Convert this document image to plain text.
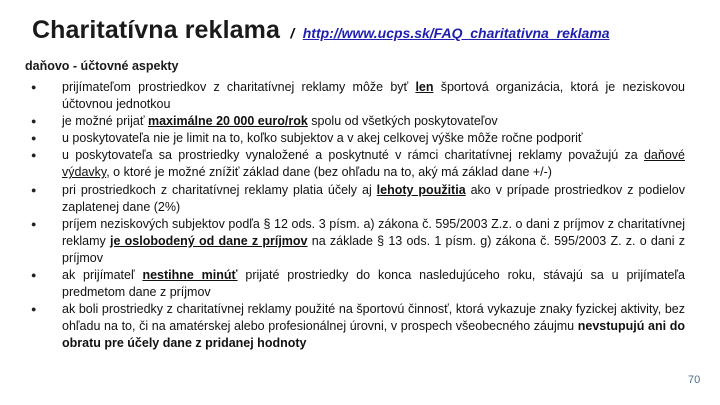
Charitatívna reklama / http://www.ucps.sk/FAQ_charitativna_reklama
daňovo - účtovné aspekty
● prijímateľom prostriedkov z charitatívnej reklamy môže byť len športová organizácia, ktorá je neziskovou účtovnou jednotkou
● je možné prijať maximálne 20 000 euro/rok spolu od všetkých poskytovateľov
● u poskytovateľa nie je limit na to, koľko subjektov a v akej celkovej výške môže ročne podporiť
● u poskytovateľa sa prostriedky vynaložené a poskytnuté v rámci charitatívnej reklamy považujú za daňové výdavky, o ktoré je možné znížiť základ dane (bez ohľadu na to, aký má základ dane +/-)
● pri prostriedkoch z charitatívnej reklamy platia účely aj lehoty použitia ako v prípade prostriedkov z podielov zaplatenej dane (2%)
● príjem neziskových subjektov podľa § 12 ods. 3 písm. a) zákona č. 595/2003 Z.z. o dani z príjmov z charitatívnej reklamy je oslobodený od dane z príjmov na základe § 13 ods. 1 písm. g) zákona č. 595/2003 Z. z. o dani z príjmov
● ak prijímateľ nestihne minúť prijaté prostriedky do konca nasledujúceho roku, stávajú sa u prijímateľa predmetom dane z príjmov
● ak boli prostriedky z charitatívnej reklamy použité na športovú činnosť, ktorá vykazuje znaky fyzickej aktivity, bez ohľadu na to, či na amatérskej alebo profesionálnej úrovni, v prospech všeobecného záujmu nevstupujú ani do obratu pre účely dane z pridanej hodnoty
70
